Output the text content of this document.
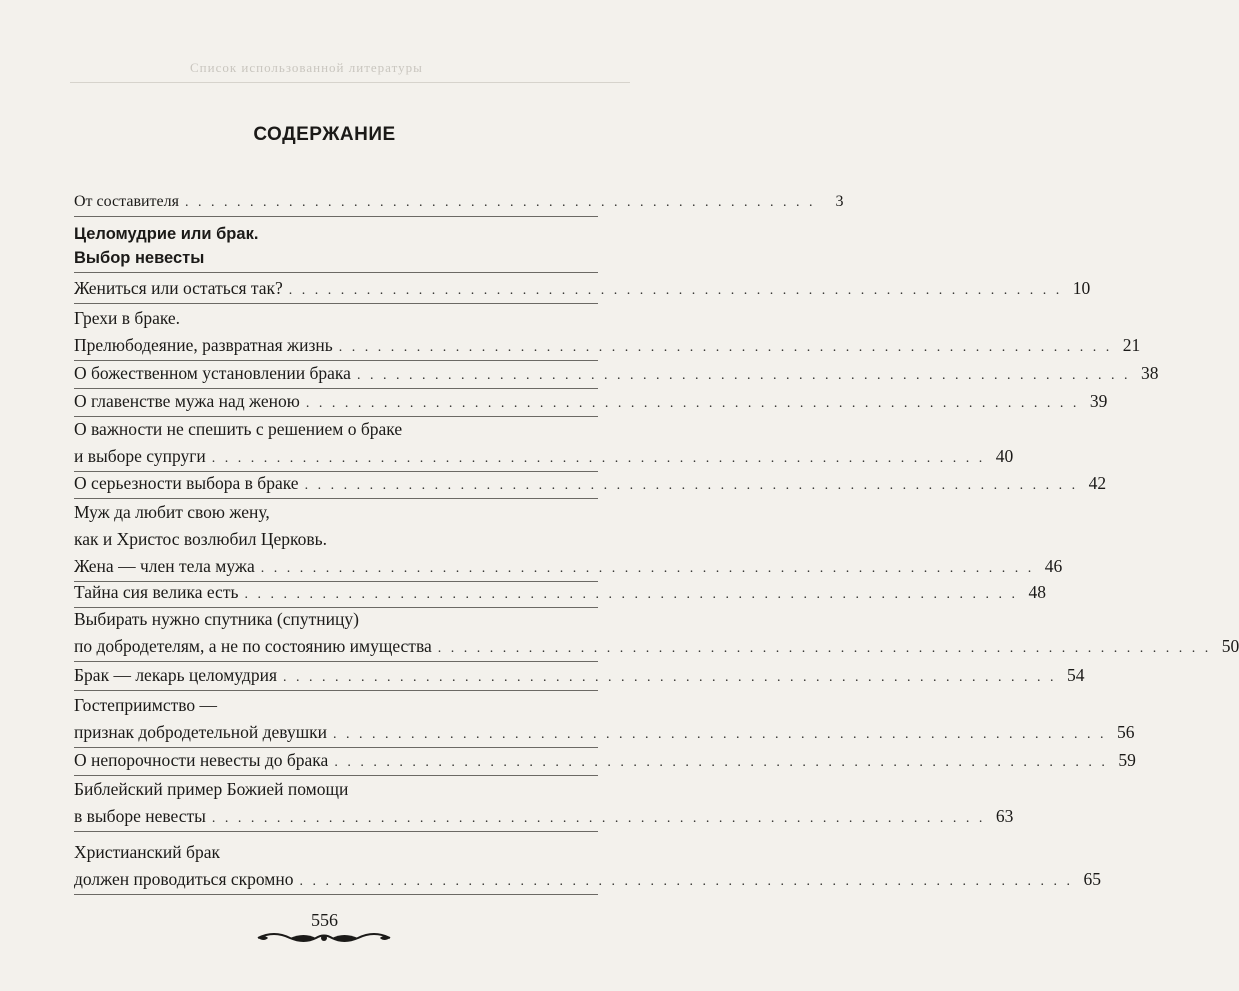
Список использованной литературы
СОДЕРЖАНИЕ
От составителя . . . . . . . . . . . . . . . . . . . . . . . . . . . . . . . . . . . . . . . . . . . . . . . . .	3
Целомудрие или брак.
Выбор невесты
Жениться или остаться так? . . . . . . . . . . . . . . . . . . . . . . . . . . . . . . . . . . . . . . . . . . . . . . . . . . . . . . . . . . . . 10
Грехи в браке.
Прелюбодеяние, развратная жизнь . . . . . . . . . . . . . . . . . . . . . . . . . . . . . . . . . . . . . . . . . . . . . . . . . . . . . . . . . . . . 21
О божественном установлении брака . . . . . . . . . . . . . . . . . . . . . . . . . . . . . . . . . . . . . . . . . . . . . . . . . . . . . . . . . . . . 38
О главенстве мужа над женою . . . . . . . . . . . . . . . . . . . . . . . . . . . . . . . . . . . . . . . . . . . . . . . . . . . . . . . . . . . . 39
О важности не спешить с решением о браке
и выборе супруги . . . . . . . . . . . . . . . . . . . . . . . . . . . . . . . . . . . . . . . . . . . . . . . . . . . . . . . . . . . . 40
О серьезности выбора в браке . . . . . . . . . . . . . . . . . . . . . . . . . . . . . . . . . . . . . . . . . . . . . . . . . . . . . . . . . . . . 42
Муж да любит свою жену,
как и Христос возлюбил Церковь.
Жена — член тела мужа . . . . . . . . . . . . . . . . . . . . . . . . . . . . . . . . . . . . . . . . . . . . . . . . . . . . . . . . . . . . 46
Тайна сия велика есть . . . . . . . . . . . . . . . . . . . . . . . . . . . . . . . . . . . . . . . . . . . . . . . . . . . . . . . . . . . . 48
Выбирать нужно спутника (спутницу)
по добродетелям, а не по состоянию имущества . . . . . . . . . . . . . . . . . . . . . . . . . . . . . . . . . . . . . . . . . . . . . . . . . . . . . . . . . . . . 50
Брак — лекарь целомудрия . . . . . . . . . . . . . . . . . . . . . . . . . . . . . . . . . . . . . . . . . . . . . . . . . . . . . . . . . . . . 54
Гостеприимство —
признак добродетельной девушки . . . . . . . . . . . . . . . . . . . . . . . . . . . . . . . . . . . . . . . . . . . . . . . . . . . . . . . . . . . . 56
О непорочности невесты до брака . . . . . . . . . . . . . . . . . . . . . . . . . . . . . . . . . . . . . . . . . . . . . . . . . . . . . . . . . . . . 59
Библейский пример Божией помощи
в выборе невесты . . . . . . . . . . . . . . . . . . . . . . . . . . . . . . . . . . . . . . . . . . . . . . . . . . . . . . . . . . . . 63
Христианский брак
должен проводиться скромно . . . . . . . . . . . . . . . . . . . . . . . . . . . . . . . . . . . . . . . . . . . . . . . . . . . . . . . . . . . . 65
556
